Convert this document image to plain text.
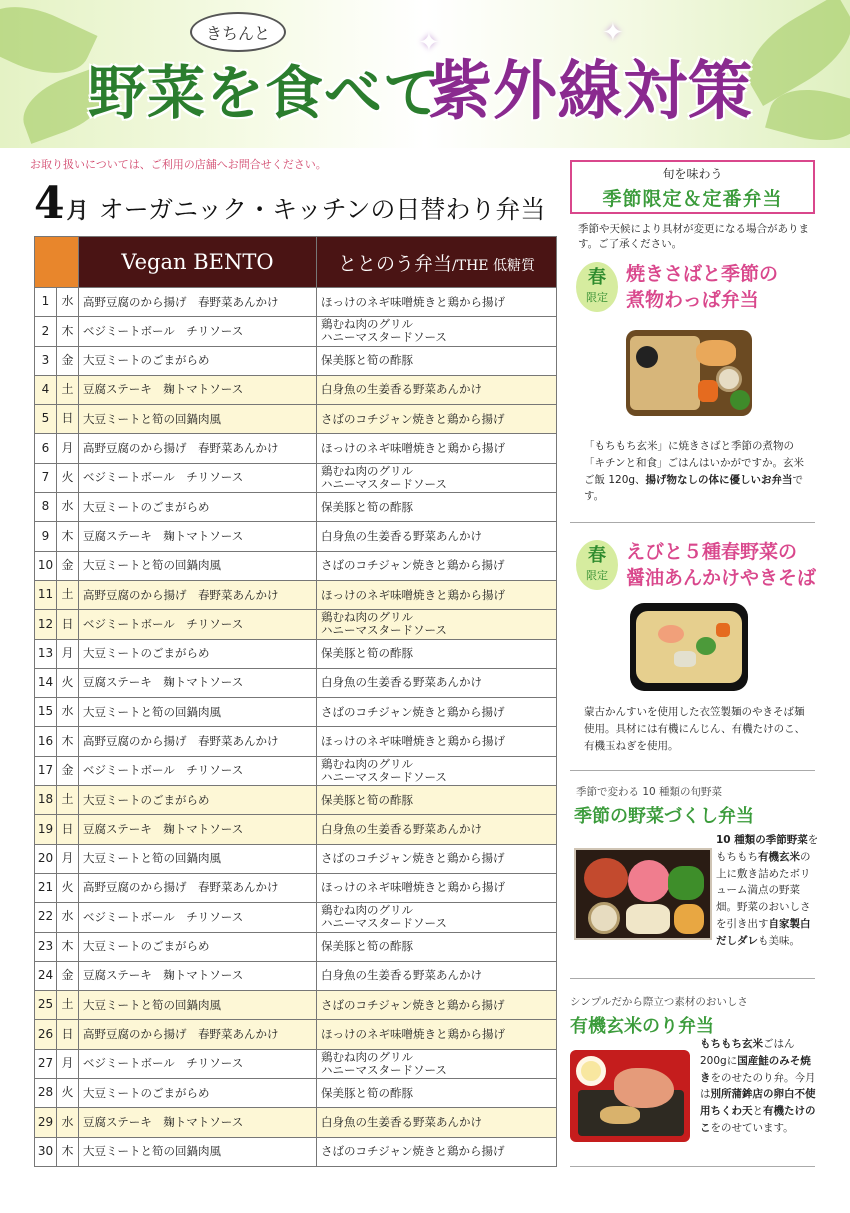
きちんと
野菜を食べて
紫外線対策
✦	✦
お取り扱いについては、ご利用の店舗へお問合せください。
4 月 オーガニック・キッチンの日替わり弁当
		Vegan BENTO	ととのう弁当/THE 低糖質
1	水	高野豆腐のから揚げ　春野菜あんかけ	ほっけのネギ味噌焼きと鶏から揚げ
2	木	ベジミートボール　チリソース	鶏むね肉のグリル
ハニーマスタードソース

3	金	大豆ミートのごまがらめ	保美豚と筍の酢豚
4	土	豆腐ステーキ　麹トマトソース	白身魚の生姜香る野菜あんかけ
5	日	大豆ミートと筍の回鍋肉風	さばのコチジャン焼きと鶏から揚げ
6	月	高野豆腐のから揚げ　春野菜あんかけ	ほっけのネギ味噌焼きと鶏から揚げ
7	火	ベジミートボール　チリソース	鶏むね肉のグリル
ハニーマスタードソース

8	水	大豆ミートのごまがらめ	保美豚と筍の酢豚
9	木	豆腐ステーキ　麹トマトソース	白身魚の生姜香る野菜あんかけ
10	金	大豆ミートと筍の回鍋肉風	さばのコチジャン焼きと鶏から揚げ
11	土	高野豆腐のから揚げ　春野菜あんかけ	ほっけのネギ味噌焼きと鶏から揚げ
12	日	ベジミートボール　チリソース	鶏むね肉のグリル
ハニーマスタードソース

13	月	大豆ミートのごまがらめ	保美豚と筍の酢豚
14	火	豆腐ステーキ　麹トマトソース	白身魚の生姜香る野菜あんかけ
15	水	大豆ミートと筍の回鍋肉風	さばのコチジャン焼きと鶏から揚げ
16	木	高野豆腐のから揚げ　春野菜あんかけ	ほっけのネギ味噌焼きと鶏から揚げ
17	金	ベジミートボール　チリソース	鶏むね肉のグリル
ハニーマスタードソース

18	土	大豆ミートのごまがらめ	保美豚と筍の酢豚
19	日	豆腐ステーキ　麹トマトソース	白身魚の生姜香る野菜あんかけ
20	月	大豆ミートと筍の回鍋肉風	さばのコチジャン焼きと鶏から揚げ
21	火	高野豆腐のから揚げ　春野菜あんかけ	ほっけのネギ味噌焼きと鶏から揚げ
22	水	ベジミートボール　チリソース	鶏むね肉のグリル
ハニーマスタードソース

23	木	大豆ミートのごまがらめ	保美豚と筍の酢豚
24	金	豆腐ステーキ　麹トマトソース	白身魚の生姜香る野菜あんかけ
25	土	大豆ミートと筍の回鍋肉風	さばのコチジャン焼きと鶏から揚げ
26	日	高野豆腐のから揚げ　春野菜あんかけ	ほっけのネギ味噌焼きと鶏から揚げ
27	月	ベジミートボール　チリソース	鶏むね肉のグリル
ハニーマスタードソース

28	火	大豆ミートのごまがらめ	保美豚と筍の酢豚
29	水	豆腐ステーキ　麹トマトソース	白身魚の生姜香る野菜あんかけ
30	木	大豆ミートと筍の回鍋肉風	さばのコチジャン焼きと鶏から揚げ
旬を味わう
季節限定＆定番弁当
季節や天候により具材が変更になる場合があります。ご了承ください。
春
限定
焼きさばと季節の
煮物わっぱ弁当
「もちもち玄米」に焼きさばと季節の煮物の「キチンと和食」ごはんはいかがですか。玄米ご飯 120g、揚げ物なしの体に優しいお弁当です。
春
限定
えびと５種春野菜の
醤油あんかけやきそば
蒙古かんすいを使用した衣笠製麺のやきそば麺使用。具材には有機にんじん、有機たけのこ、有機玉ねぎを使用。
季節で変わる 10 種類の旬野菜
季節の野菜づくし弁当
10 種類の季節野菜をもちもち有機玄米の上に敷き詰めたボリューム満点の野菜畑。野菜のおいしさを引き出す自家製白だしダレも美味。
シンプルだから際立つ素材のおいしさ
有機玄米のり弁当
もちもち玄米ごはん200gに国産鮭のみそ焼きをのせたのり弁。今月は別所蒲鉾店の卵白不使用ちくわ天と有機たけのこをのせています。
